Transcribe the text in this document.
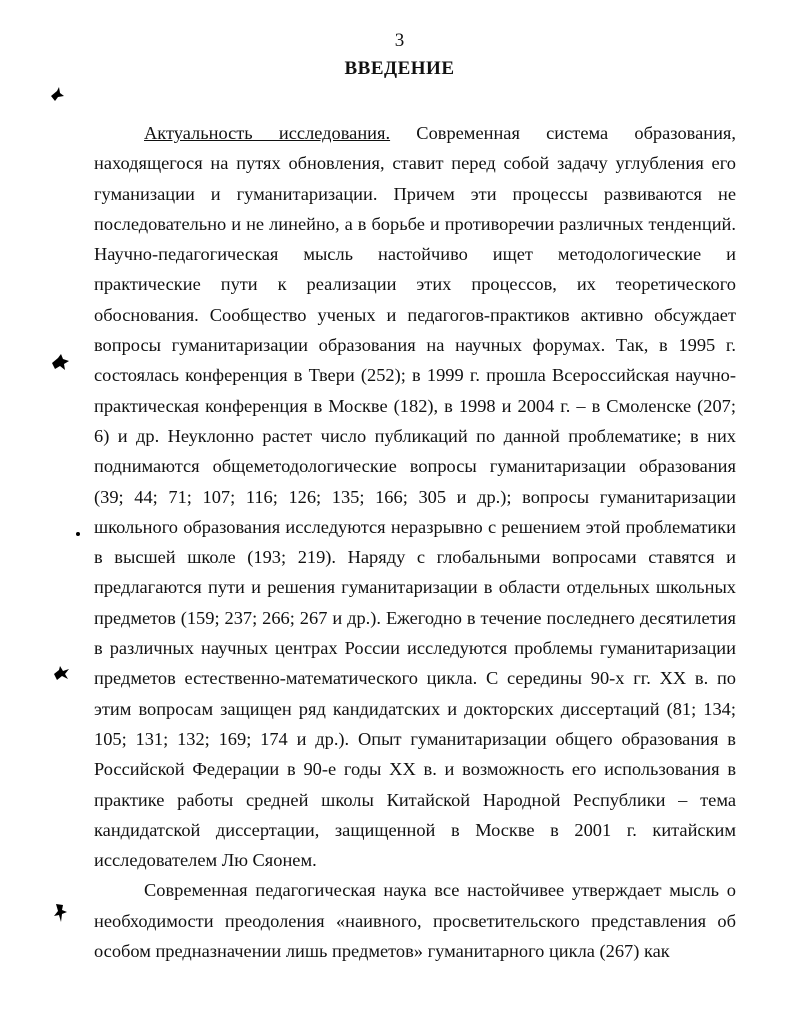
3
ВВЕДЕНИЕ

Актуальность исследования. Современная система образования, находящегося на путях обновления, ставит перед собой задачу углубления его гуманизации и гуманитаризации. Причем эти процессы развиваются не последовательно и не линейно, а в борьбе и противоречии различных тенденций. Научно-педагогическая мысль настойчиво ищет методологические и практические пути к реализации этих процессов, их теоретического обоснования. Сообщество ученых и педагогов-практиков активно обсуждает вопросы гуманитаризации образования на научных форумах. Так, в 1995 г. состоялась конференция в Твери (252); в 1999 г. прошла Всероссийская научно-практическая конференция в Москве (182), в 1998 и 2004 г. – в Смоленске (207; 6) и др. Неуклонно растет число публикаций по данной проблематике; в них поднимаются общеметодологические вопросы гуманитаризации образования (39; 44; 71; 107; 116; 126; 135; 166; 305 и др.); вопросы гуманитаризации школьного образования исследуются неразрывно с решением этой проблематики в высшей школе (193; 219). Наряду с глобальными вопросами ставятся и предлагаются пути и решения гуманитаризации в области отдельных школьных предметов (159; 237; 266; 267 и др.). Ежегодно в течение последнего десятилетия в различных научных центрах России исследуются проблемы гуманитаризации предметов естественно-математического цикла. С середины 90-х гг. XX в. по этим вопросам защищен ряд кандидатских и докторских диссертаций (81; 134; 105; 131; 132; 169; 174 и др.). Опыт гуманитаризации общего образования в Российской Федерации в 90-е годы XX в. и возможность его использования в практике работы средней школы Китайской Народной Республики – тема кандидатской диссертации, защищенной в Москве в 2001 г. китайским исследователем Лю Сяонем.

Современная педагогическая наука все настойчивее утверждает мысль о необходимости преодоления «наивного, просветительского представления об особом предназначении лишь предметов» гуманитарного цикла (267) как
